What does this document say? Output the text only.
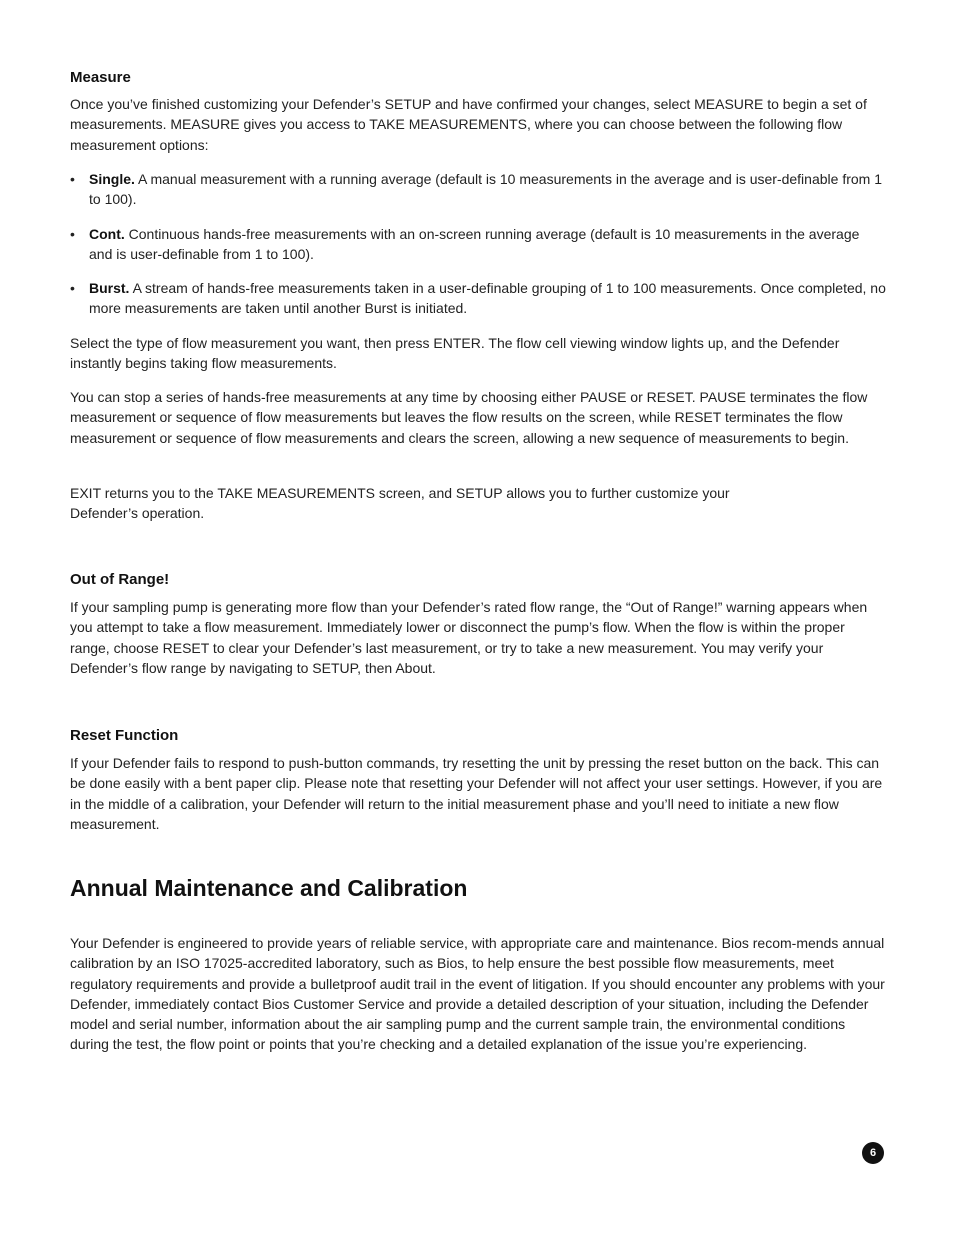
Measure

Once you’ve finished customizing your Defender’s SETUP and have confirmed your changes, select MEASURE to begin a set of measurements. MEASURE gives you access to TAKE MEASUREMENTS, where you can choose between the following flow measurement options:

• Single. A manual measurement with a running average (default is 10 measurements in the average and is user-definable from 1 to 100).
• Cont. Continuous hands-free measurements with an on-screen running average (default is 10 measurements in the average and is user-definable from 1 to 100).
• Burst. A stream of hands-free measurements taken in a user-definable grouping of 1 to 100 measurements. Once completed, no more measurements are taken until another Burst is initiated.

Select the type of flow measurement you want, then press ENTER. The flow cell viewing window lights up, and the Defender instantly begins taking flow measurements.

You can stop a series of hands-free measurements at any time by choosing either PAUSE or RESET. PAUSE terminates the flow measurement or sequence of flow measurements but leaves the flow results on the screen, while RESET terminates the flow measurement or sequence of flow measurements and clears the screen, allowing a new sequence of measurements to begin.

EXIT returns you to the TAKE MEASUREMENTS screen, and SETUP allows you to further customize your Defender’s operation.

Out of Range!

If your sampling pump is generating more flow than your Defender’s rated flow range, the “Out of Range!” warning appears when you attempt to take a flow measurement. Immediately lower or disconnect the pump’s flow. When the flow is within the proper range, choose RESET to clear your Defender’s last measurement, or try to take a new measurement. You may verify your Defender’s flow range by navigating to SETUP, then About.

Reset Function

If your Defender fails to respond to push-button commands, try resetting the unit by pressing the reset button on the back. This can be done easily with a bent paper clip. Please note that resetting your Defender will not affect your user settings. However, if you are in the middle of a calibration, your Defender will return to the initial measurement phase and you’ll need to initiate a new flow measurement.

Annual Maintenance and Calibration

Your Defender is engineered to provide years of reliable service, with appropriate care and maintenance. Bios recom-mends annual calibration by an ISO 17025-accredited laboratory, such as Bios, to help ensure the best possible flow measurements, meet regulatory requirements and provide a bulletproof audit trail in the event of litigation. If you should encounter any problems with your Defender, immediately contact Bios Customer Service and provide a detailed description of your situation, including the Defender model and serial number, information about the air sampling pump and the current sample train, the environmental conditions during the test, the flow point or points that you’re checking and a detailed explanation of the issue you’re experiencing.

6
